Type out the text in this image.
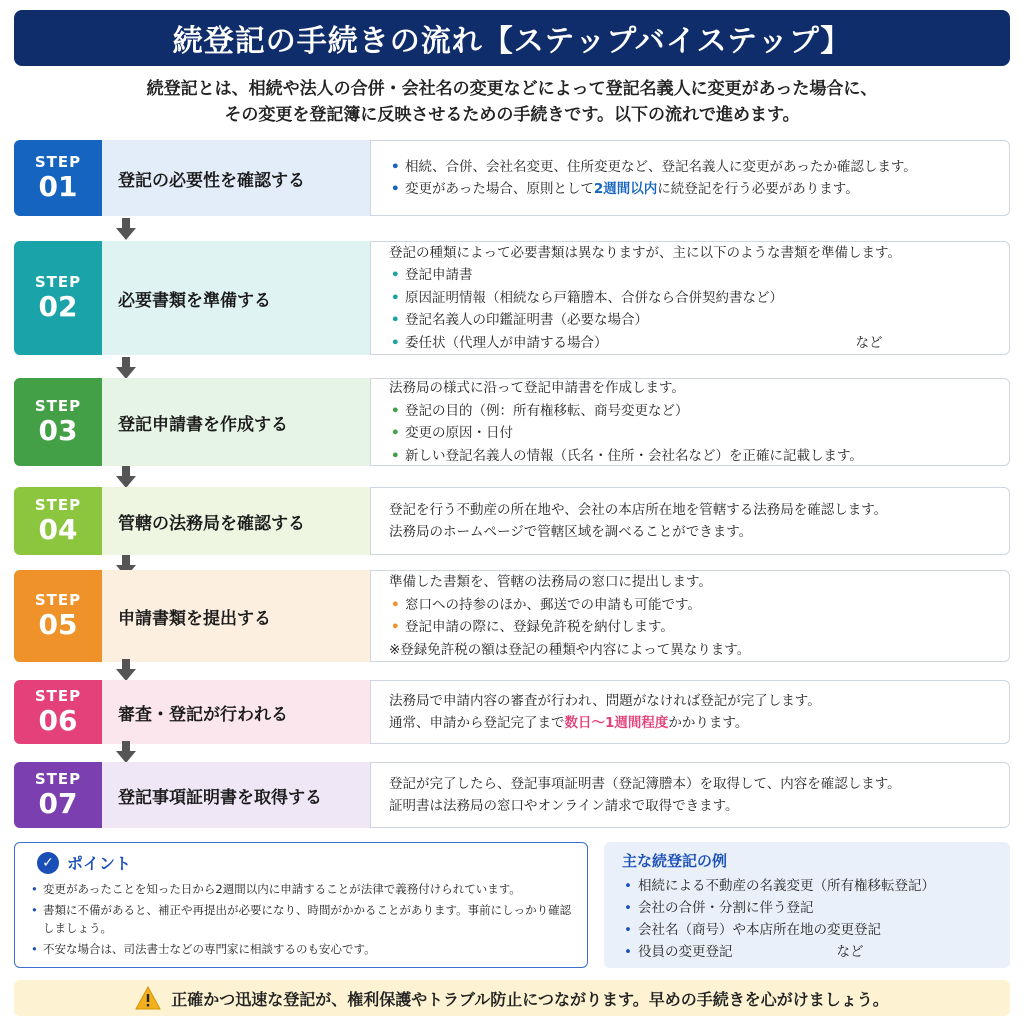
続登記の手続きの流れ【ステップバイステップ】
続登記とは、相続や法人の合併・会社名の変更などによって登記名義人に変更があった場合に、
その変更を登記簿に反映させるための手続きです。以下の流れで進めます。
STEP
01	登記の必要性を確認する
• 相続、合併、会社名変更、住所変更など、登記名義人に変更があったか確認します。
• 変更があった場合、原則として2週間以内に続登記を行う必要があります。
STEP
02	必要書類を準備する
登記の種類によって必要書類は異なりますが、主に以下のような書類を準備します。
• 登記申請書
• 原因証明情報（相続なら戸籍謄本、合併なら合併契約書など）
• 登記名義人の印鑑証明書（必要な場合）
• 委任状（代理人が申請する場合）	など
STEP
03	登記申請書を作成する
法務局の様式に沿って登記申請書を作成します。
• 登記の目的（例：所有権移転、商号変更など）
• 変更の原因・日付
• 新しい登記名義人の情報（氏名・住所・会社名など）を正確に記載します。
STEP
04	管轄の法務局を確認する
登記を行う不動産の所在地や、会社の本店所在地を管轄する法務局を確認します。
法務局のホームページで管轄区域を調べることができます。
STEP
05	申請書類を提出する
準備した書類を、管轄の法務局の窓口に提出します。
• 窓口への持参のほか、郵送での申請も可能です。
• 登記申請の際に、登録免許税を納付します。
※登録免許税の額は登記の種類や内容によって異なります。
STEP
06	審査・登記が行われる
法務局で申請内容の審査が行われ、問題がなければ登記が完了します。
通常、申請から登記完了まで数日〜1週間程度かかります。
STEP
07	登記事項証明書を取得する
登記が完了したら、登記事項証明書（登記簿謄本）を取得して、内容を確認します。
証明書は法務局の窓口やオンライン請求で取得できます。
✓ ポイント
• 変更があったことを知った日から2週間以内に申請することが法律で義務付けられています。
• 書類に不備があると、補正や再提出が必要になり、時間がかかることがあります。事前にしっかり確認しましょう。
• 不安な場合は、司法書士などの専門家に相談するのも安心です。
主な続登記の例
• 相続による不動産の名義変更（所有権移転登記）
• 会社の合併・分割に伴う登記
• 会社名（商号）や本店所在地の変更登記
• 役員の変更登記	など
正確かつ迅速な登記が、権利保護やトラブル防止につながります。早めの手続きを心がけましょう。
